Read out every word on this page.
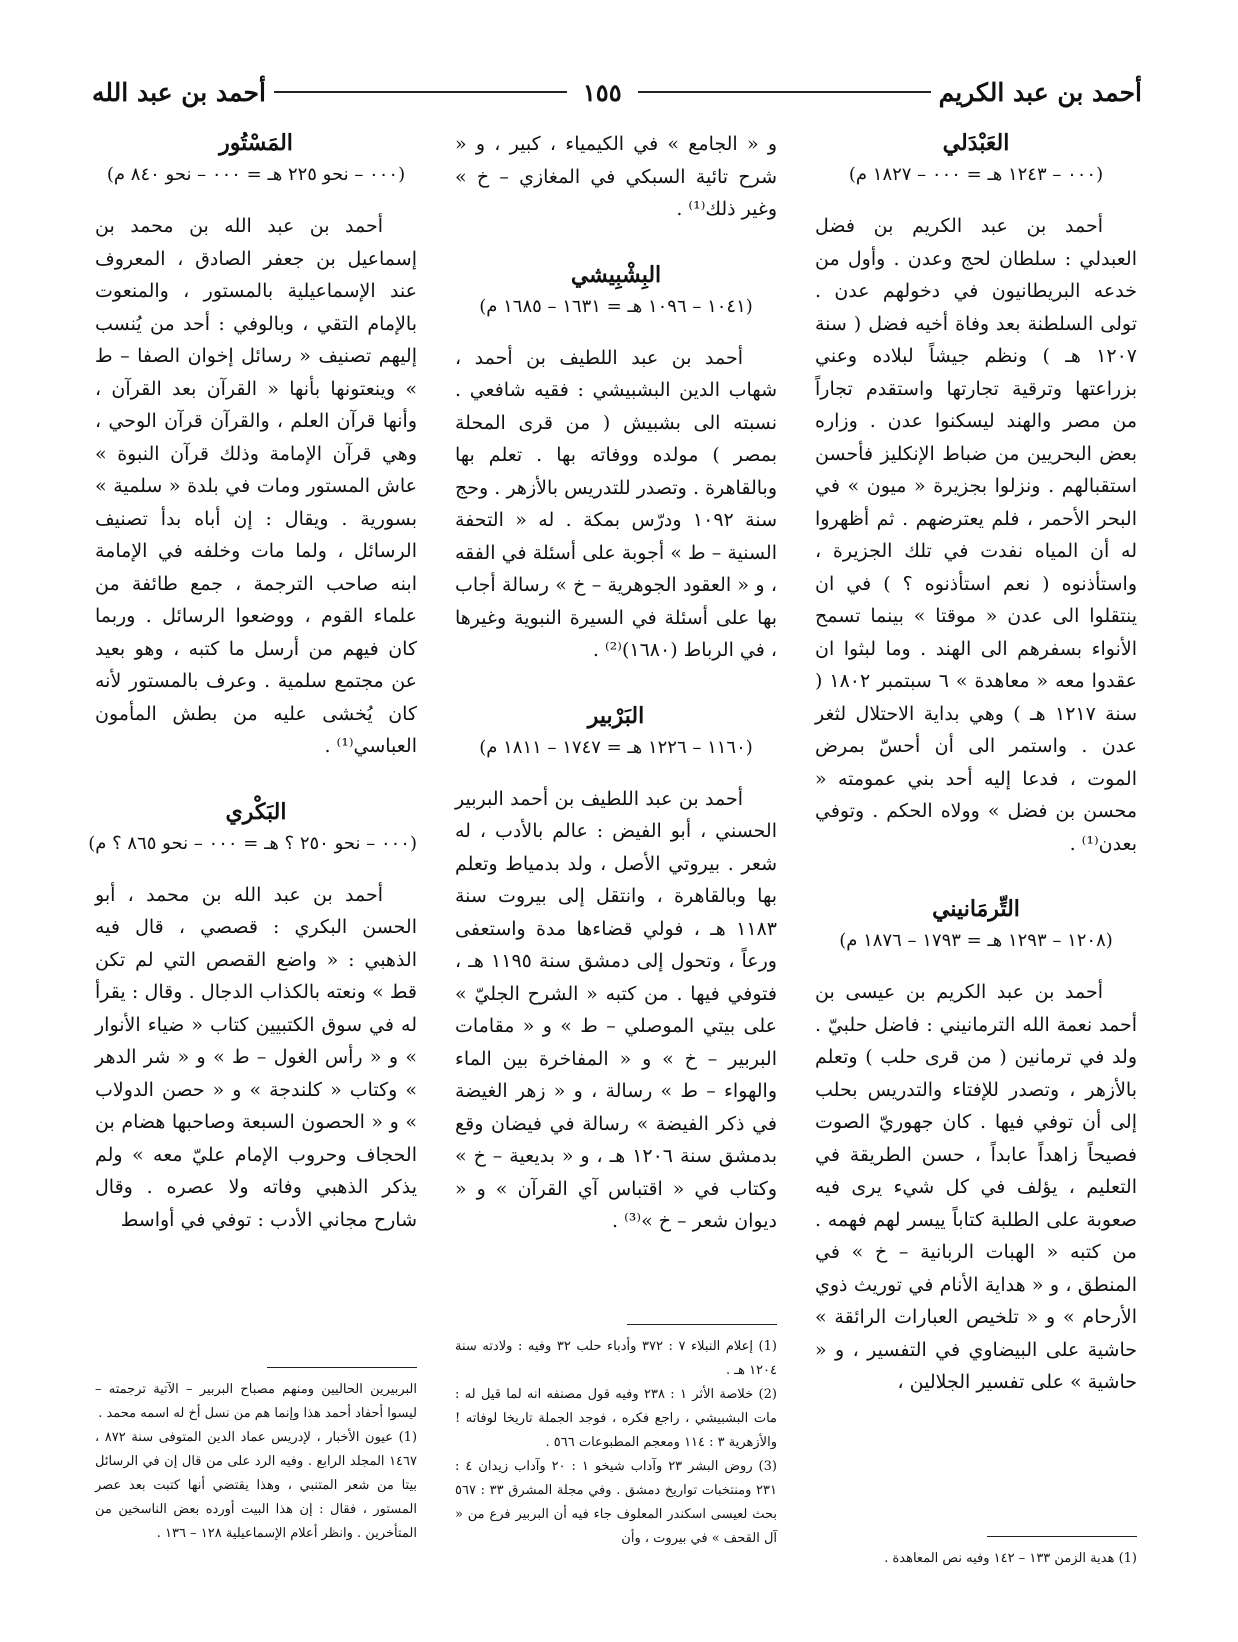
أحمد بن عبد الكريم
١٥٥
أحمد بن عبد الله
العَبْدَلي
(٠٠٠ – ١٢٤٣ هـ = ٠٠٠ – ١٨٢٧ م)

أحمد بن عبد الكريم بن فضل العبدلي : سلطان لحج وعدن . وأول من خدعه البريطانيون في دخولهم عدن . تولى السلطنة بعد وفاة أخيه فضل ( سنة ١٢٠٧ هـ ) ونظم جيشاً لبلاده وعني بزراعتها وترقية تجارتها واستقدم تجاراً من مصر والهند ليسكنوا عدن . وزاره بعض البحريين من ضباط الإنكليز فأحسن استقبالهم . ونزلوا بجزيرة « ميون » في البحر الأحمر ، فلم يعترضهم . ثم أظهروا له أن المياه نفدت في تلك الجزيرة ، واستأذنوه ( نعم استأذنوه ؟ ) في ان ينتقلوا الى عدن « موقتا » بينما تسمح الأنواء بسفرهم الى الهند . وما لبثوا ان عقدوا معه « معاهدة » ٦ سبتمبر ١٨٠٢ ( سنة ١٢١٧ هـ ) وهي بداية الاحتلال لثغر عدن . واستمر الى أن أحسّ بمرض الموت ، فدعا إليه أحد بني عمومته « محسن بن فضل » وولاه الحكم . وتوفي بعدن⁽¹⁾ .

التِّرمَانيني
(١٢٠٨ – ١٢٩٣ هـ = ١٧٩٣ – ١٨٧٦ م)

أحمد بن عبد الكريم بن عيسى بن أحمد نعمة الله الترمانيني : فاضل حلبيّ . ولد في ترمانين ( من قرى حلب ) وتعلم بالأزهر ، وتصدر للإفتاء والتدريس بحلب إلى أن توفي فيها . كان جهوريّ الصوت فصيحاً زاهداً عابداً ، حسن الطريقة في التعليم ، يؤلف في كل شيء يرى فيه صعوبة على الطلبة كتاباً ييسر لهم فهمه . من كتبه « الهبات الربانية – خ » في المنطق ، و « هداية الأنام في توريث ذوي الأرحام » و « تلخيص العبارات الرائقة » حاشية على البيضاوي في التفسير ، و « حاشية » على تفسير الجلالين ،

(1) هدية الزمن ١٣٣ – ١٤٢ وفيه نص المعاهدة .

و « الجامع » في الكيمياء ، كبير ، و « شرح تائية السبكي في المغازي – خ » وغير ذلك⁽¹⁾ .

البِشْبِيشي
(١٠٤١ – ١٠٩٦ هـ = ١٦٣١ – ١٦٨٥ م)

أحمد بن عبد اللطيف بن أحمد ، شهاب الدين البشبيشي : فقيه شافعي . نسبته الى بشبيش ( من قرى المحلة بمصر ) مولده ووفاته بها . تعلم بها وبالقاهرة . وتصدر للتدريس بالأزهر . وحج سنة ١٠٩٢ ودرّس بمكة . له « التحفة السنية – ط » أجوبة على أسئلة في الفقه ، و « العقود الجوهرية – خ » رسالة أجاب بها على أسئلة في السيرة النبوية وغيرها ، في الرباط (١٦٨٠)⁽²⁾ .

البَرْبير
(١١٦٠ – ١٢٢٦ هـ = ١٧٤٧ – ١٨١١ م)

أحمد بن عبد اللطيف بن أحمد البربير الحسني ، أبو الفيض : عالم بالأدب ، له شعر . بيروتي الأصل ، ولد بدمياط وتعلم بها وبالقاهرة ، وانتقل إلى بيروت سنة ١١٨٣ هـ ، فولي قضاءها مدة واستعفى ورعاً ، وتحول إلى دمشق سنة ١١٩٥ هـ ، فتوفي فيها . من كتبه « الشرح الجليّ » على بيتي الموصلي – ط » و « مقامات البربير – خ » و « المفاخرة بين الماء والهواء – ط » رسالة ، و « زهر الغيضة في ذكر الفيضة » رسالة في فيضان وقع بدمشق سنة ١٢٠٦ هـ ، و « بديعية – خ » وكتاب في « اقتباس آي القرآن » و « ديوان شعر – خ »⁽³⁾ .

(1) إعلام النبلاء ٧ : ٣٧٢ وأدباء حلب ٣٢ وفيه : ولادته سنة ١٢٠٤ هـ .

(2) خلاصة الأثر ١ : ٢٣٨ وفيه قول مصنفه انه لما قيل له : مات البشبيشي ، راجع فكره ، فوجد الجملة تاريخا لوفاته ! والأزهرية ٣ : ١١٤ ومعجم المطبوعات ٥٦٦ .

(3) روض البشر ٢٣ وآداب شيخو ١ : ٢٠ وآداب زيدان ٤ : ٢٣١ ومنتخبات تواريخ دمشق . وفي مجلة المشرق ٣٣ : ٥٦٧ بحث لعيسى اسكندر المعلوف جاء فيه أن البربير فرع من « آل القحف » في بيروت ، وأن

المَسْتُور
(٠٠٠ – نحو ٢٢٥ هـ = ٠٠٠ – نحو ٨٤٠ م)

أحمد بن عبد الله بن محمد بن إسماعيل بن جعفر الصادق ، المعروف عند الإسماعيلية بالمستور ، والمنعوت بالإمام التقي ، وبالوفي : أحد من يُنسب إليهم تصنيف « رسائل إخوان الصفا – ط » وينعتونها بأنها « القرآن بعد القرآن ، وأنها قرآن العلم ، والقرآن قرآن الوحي ، وهي قرآن الإمامة وذلك قرآن النبوة » عاش المستور ومات في بلدة « سلمية » بسورية . ويقال : إن أباه بدأ تصنيف الرسائل ، ولما مات وخلفه في الإمامة ابنه صاحب الترجمة ، جمع طائفة من علماء القوم ، ووضعوا الرسائل . وربما كان فيهم من أرسل ما كتبه ، وهو بعيد عن مجتمع سلمية . وعرف بالمستور لأنه كان يُخشى عليه من بطش المأمون العباسي⁽¹⁾ .

البَكْري
(٠٠٠ – نحو ٢٥٠ ؟ هـ = ٠٠٠ – نحو ٨٦٥ ؟ م)

أحمد بن عبد الله بن محمد ، أبو الحسن البكري : قصصي ، قال فيه الذهبي : « واضع القصص التي لم تكن قط » ونعته بالكذاب الدجال . وقال : يقرأ له في سوق الكتبيين كتاب « ضياء الأنوار » و « رأس الغول – ط » و « شر الدهر » وكتاب « كلندجة » و « حصن الدولاب » و « الحصون السبعة وصاحبها هضام بن الحجاف وحروب الإمام عليّ معه » ولم يذكر الذهبي وفاته ولا عصره . وقال شارح مجاني الأدب : توفي في أواسط

البربيرين الحاليين ومنهم مصباح البربير – الآتية ترجمته – ليسوا أحفاد أحمد هذا وإنما هم من نسل أخ له اسمه محمد .

(1) عيون الأخبار ، لإدريس عماد الدين المتوفى سنة ٨٧٢ ، ١٤٦٧ المجلد الرابع . وفيه الرد على من قال إن في الرسائل بيتا من شعر المتنبي ، وهذا يقتضي أنها كتبت بعد عصر المستور ، فقال : إن هذا البيت أورده بعض الناسخين من المتأخرين . وانظر أعلام الإسماعيلية ١٢٨ – ١٣٦ .
